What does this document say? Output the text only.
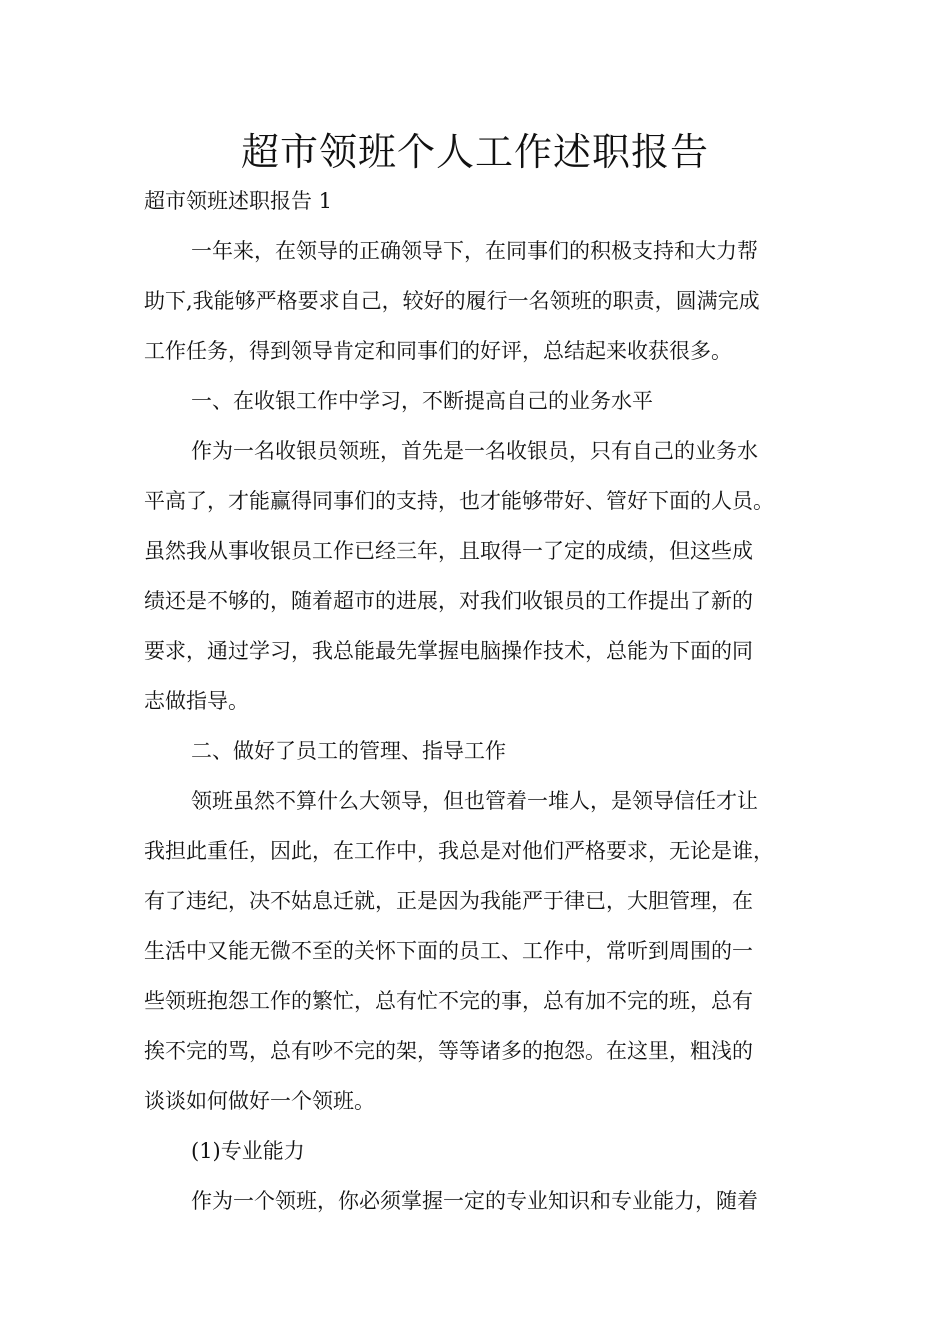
超市领班个人工作述职报告
超市领班述职报告 1
一年来，在领导的正确领导下，在同事们的积极支持和大力帮
助下,我能够严格要求自己，较好的履行一名领班的职责，圆满完成
工作任务，得到领导肯定和同事们的好评，总结起来收获很多。
一、在收银工作中学习，不断提高自己的业务水平
作为一名收银员领班，首先是一名收银员，只有自己的业务水
平高了，才能赢得同事们的支持，也才能够带好、管好下面的人员。
虽然我从事收银员工作已经三年，且取得一了定的成绩，但这些成
绩还是不够的，随着超市的进展，对我们收银员的工作提出了新的
要求，通过学习，我总能最先掌握电脑操作技术，总能为下面的同
志做指导。
二、做好了员工的管理、指导工作
领班虽然不算什么大领导，但也管着一堆人，是领导信任才让
我担此重任，因此，在工作中，我总是对他们严格要求，无论是谁，
有了违纪，决不姑息迁就，正是因为我能严于律已，大胆管理，在
生活中又能无微不至的关怀下面的员工、工作中，常听到周围的一
些领班抱怨工作的繁忙，总有忙不完的事，总有加不完的班，总有
挨不完的骂，总有吵不完的架，等等诸多的抱怨。在这里，粗浅的
谈谈如何做好一个领班。
(1)专业能力
作为一个领班，你必须掌握一定的专业知识和专业能力，随着
